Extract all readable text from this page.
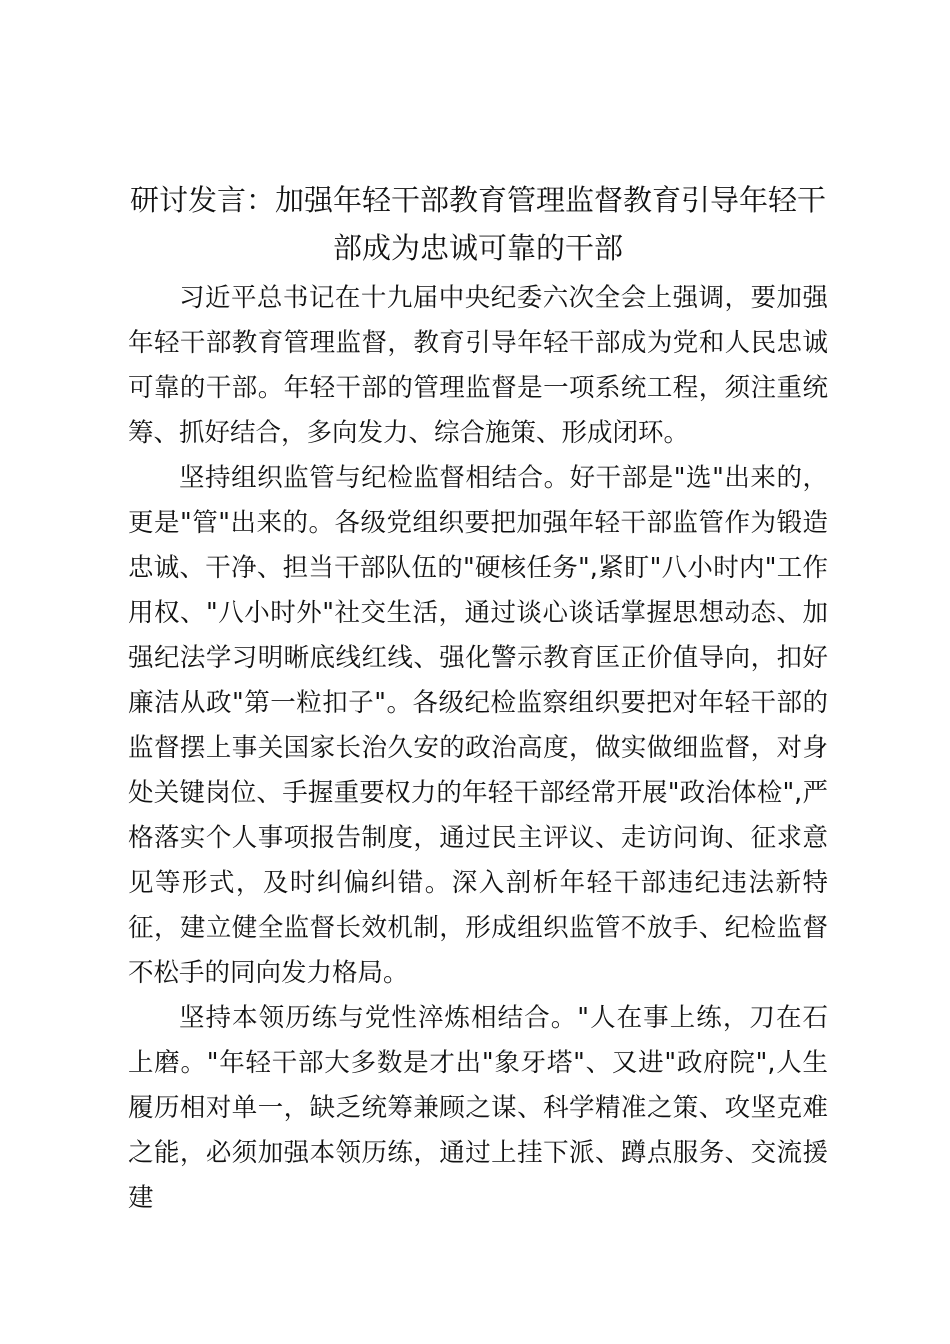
研讨发言：加强年轻干部教育管理监督教育引导年轻干部成为忠诚可靠的干部

习近平总书记在十九届中央纪委六次全会上强调，要加强年轻干部教育管理监督，教育引导年轻干部成为党和人民忠诚可靠的干部。年轻干部的管理监督是一项系统工程，须注重统筹、抓好结合，多向发力、综合施策、形成闭环。

坚持组织监管与纪检监督相结合。好干部是"选"出来的，更是"管"出来的。各级党组织要把加强年轻干部监管作为锻造忠诚、干净、担当干部队伍的"硬核任务",紧盯"八小时内"工作用权、"八小时外"社交生活，通过谈心谈话掌握思想动态、加强纪法学习明晰底线红线、强化警示教育匡正价值导向，扣好廉洁从政"第一粒扣子"。各级纪检监察组织要把对年轻干部的监督摆上事关国家长治久安的政治高度，做实做细监督，对身处关键岗位、手握重要权力的年轻干部经常开展"政治体检",严格落实个人事项报告制度，通过民主评议、走访问询、征求意见等形式，及时纠偏纠错。深入剖析年轻干部违纪违法新特征，建立健全监督长效机制，形成组织监管不放手、纪检监督不松手的同向发力格局。

坚持本领历练与党性淬炼相结合。"人在事上练，刀在石上磨。"年轻干部大多数是才出"象牙塔"、又进"政府院",人生履历相对单一，缺乏统筹兼顾之谋、科学精准之策、攻坚克难之能，必须加强本领历练，通过上挂下派、蹲点服务、交流援建
